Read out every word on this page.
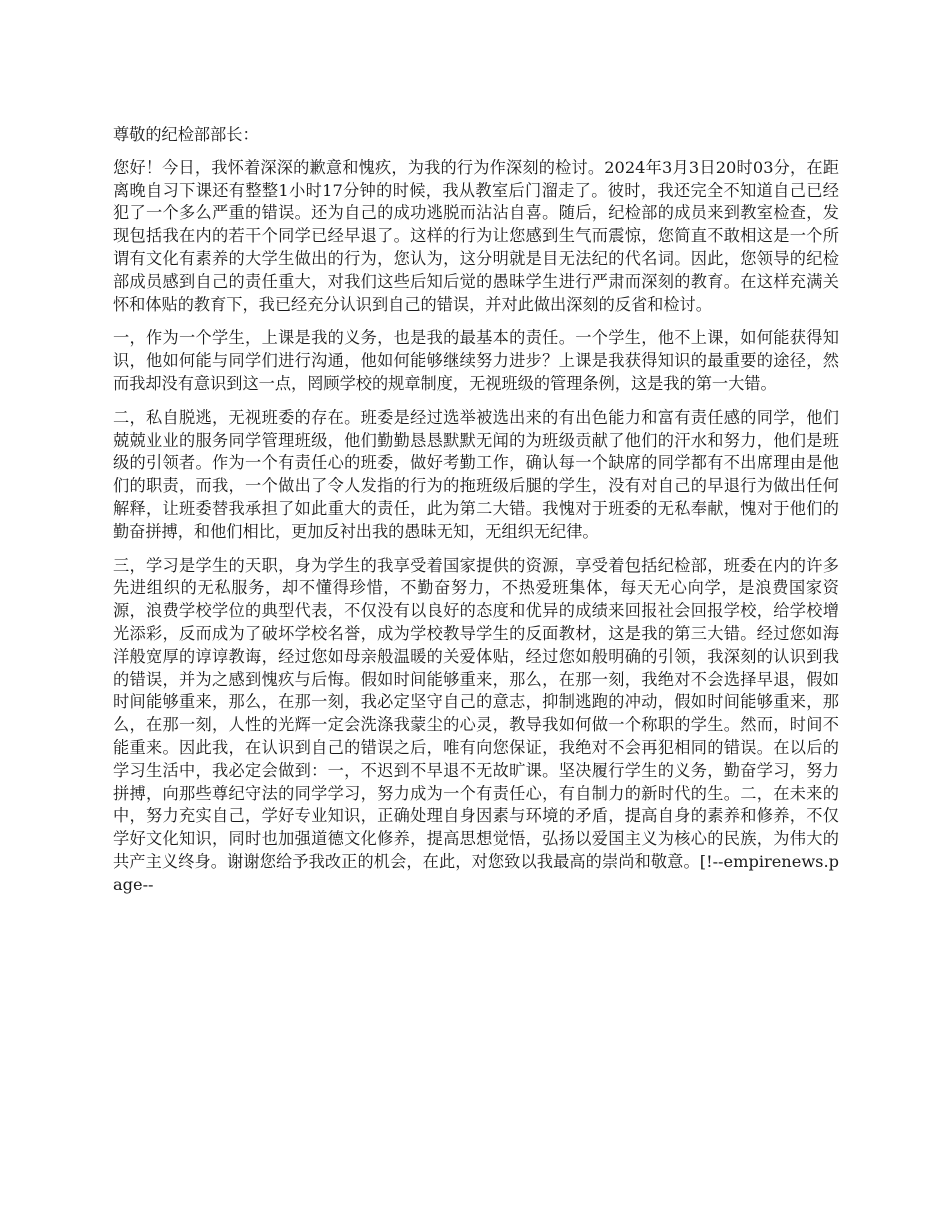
尊敬的纪检部部长：

您好！今日，我怀着深深的歉意和愧疚，为我的行为作深刻的检讨。2024年3月3日20时03分，在距离晚自习下课还有整整1小时17分钟的时候，我从教室后门溜走了。彼时，我还完全不知道自己已经犯了一个多么严重的错误。还为自己的成功逃脱而沾沾自喜。随后，纪检部的成员来到教室检查，发现包括我在内的若干个同学已经早退了。这样的行为让您感到生气而震惊，您简直不敢相这是一个所谓有文化有素养的大学生做出的行为，您认为，这分明就是目无法纪的代名词。因此，您领导的纪检部成员感到自己的责任重大，对我们这些后知后觉的愚昧学生进行严肃而深刻的教育。在这样充满关怀和体贴的教育下，我已经充分认识到自己的错误，并对此做出深刻的反省和检讨。

一，作为一个学生，上课是我的义务，也是我的最基本的责任。一个学生，他不上课，如何能获得知识，他如何能与同学们进行沟通，他如何能够继续努力进步？上课是我获得知识的最重要的途径，然而我却没有意识到这一点，罔顾学校的规章制度，无视班级的管理条例，这是我的第一大错。

二，私自脱逃，无视班委的存在。班委是经过选举被选出来的有出色能力和富有责任感的同学，他们兢兢业业的服务同学管理班级，他们勤勤恳恳默默无闻的为班级贡献了他们的汗水和努力，他们是班级的引领者。作为一个有责任心的班委，做好考勤工作，确认每一个缺席的同学都有不出席理由是他们的职责，而我，一个做出了令人发指的行为的拖班级后腿的学生，没有对自己的早退行为做出任何解释，让班委替我承担了如此重大的责任，此为第二大错。我愧对于班委的无私奉献，愧对于他们的勤奋拼搏，和他们相比，更加反衬出我的愚昧无知，无组织无纪律。

三，学习是学生的天职，身为学生的我享受着国家提供的资源，享受着包括纪检部，班委在内的许多先进组织的无私服务，却不懂得珍惜，不勤奋努力，不热爱班集体，每天无心向学，是浪费国家资源，浪费学校学位的典型代表，不仅没有以良好的态度和优异的成绩来回报社会回报学校，给学校增光添彩，反而成为了破坏学校名誉，成为学校教导学生的反面教材，这是我的第三大错。经过您如海洋般宽厚的谆谆教诲，经过您如母亲般温暖的关爱体贴，经过您如般明确的引领，我深刻的认识到我的错误，并为之感到愧疚与后悔。假如时间能够重来，那么，在那一刻，我绝对不会选择早退，假如时间能够重来，那么，在那一刻，我必定坚守自己的意志，抑制逃跑的冲动，假如时间能够重来，那么，在那一刻，人性的光辉一定会洗涤我蒙尘的心灵，教导我如何做一个称职的学生。然而，时间不能重来。因此我，在认识到自己的错误之后，唯有向您保证，我绝对不会再犯相同的错误。在以后的学习生活中，我必定会做到：一，不迟到不早退不无故旷课。坚决履行学生的义务，勤奋学习，努力拼搏，向那些尊纪守法的同学学习，努力成为一个有责任心，有自制力的新时代的生。二，在未来的中，努力充实自己，学好专业知识，正确处理自身因素与环境的矛盾，提高自身的素养和修养，不仅学好文化知识，同时也加强道德文化修养，提高思想觉悟，弘扬以爱国主义为核心的民族，为伟大的共产主义终身。谢谢您给予我改正的机会，在此，对您致以我最高的崇尚和敬意。[!--empirenews.page--
